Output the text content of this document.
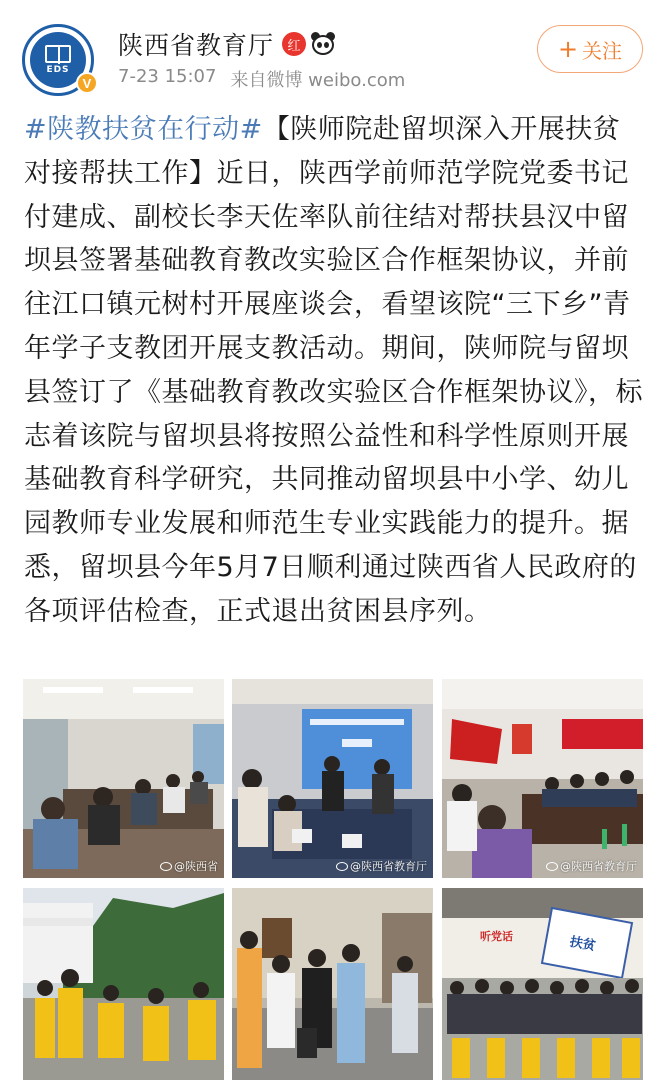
EDS
V
陕西省教育厅	红
7-23 15:07 来自微博 weibo.com
+ 关注
#陕教扶贫在行动#【陕师院赴留坝深入开展扶贫对接帮扶工作】近日，陕西学前师范学院党委书记付建成、副校长李天佐率队前往结对帮扶县汉中留坝县签署基础教育教改实验区合作框架协议，并前往江口镇元树村开展座谈会，看望该院“三下乡”青年学子支教团开展支教活动。期间，陕师院与留坝县签订了《基础教育教改实验区合作框架协议》，标志着该院与留坝县将按照公益性和科学性原则开展基础教育科学研究，共同推动留坝县中小学、幼儿园教师专业发展和师范生专业实践能力的提升。据悉，留坝县今年5月7日顺利通过陕西省人民政府的各项评估检查，正式退出贫困县序列。
@陕西省	@陕西省教育厅	@陕西省教育厅
听党话	扶贫
